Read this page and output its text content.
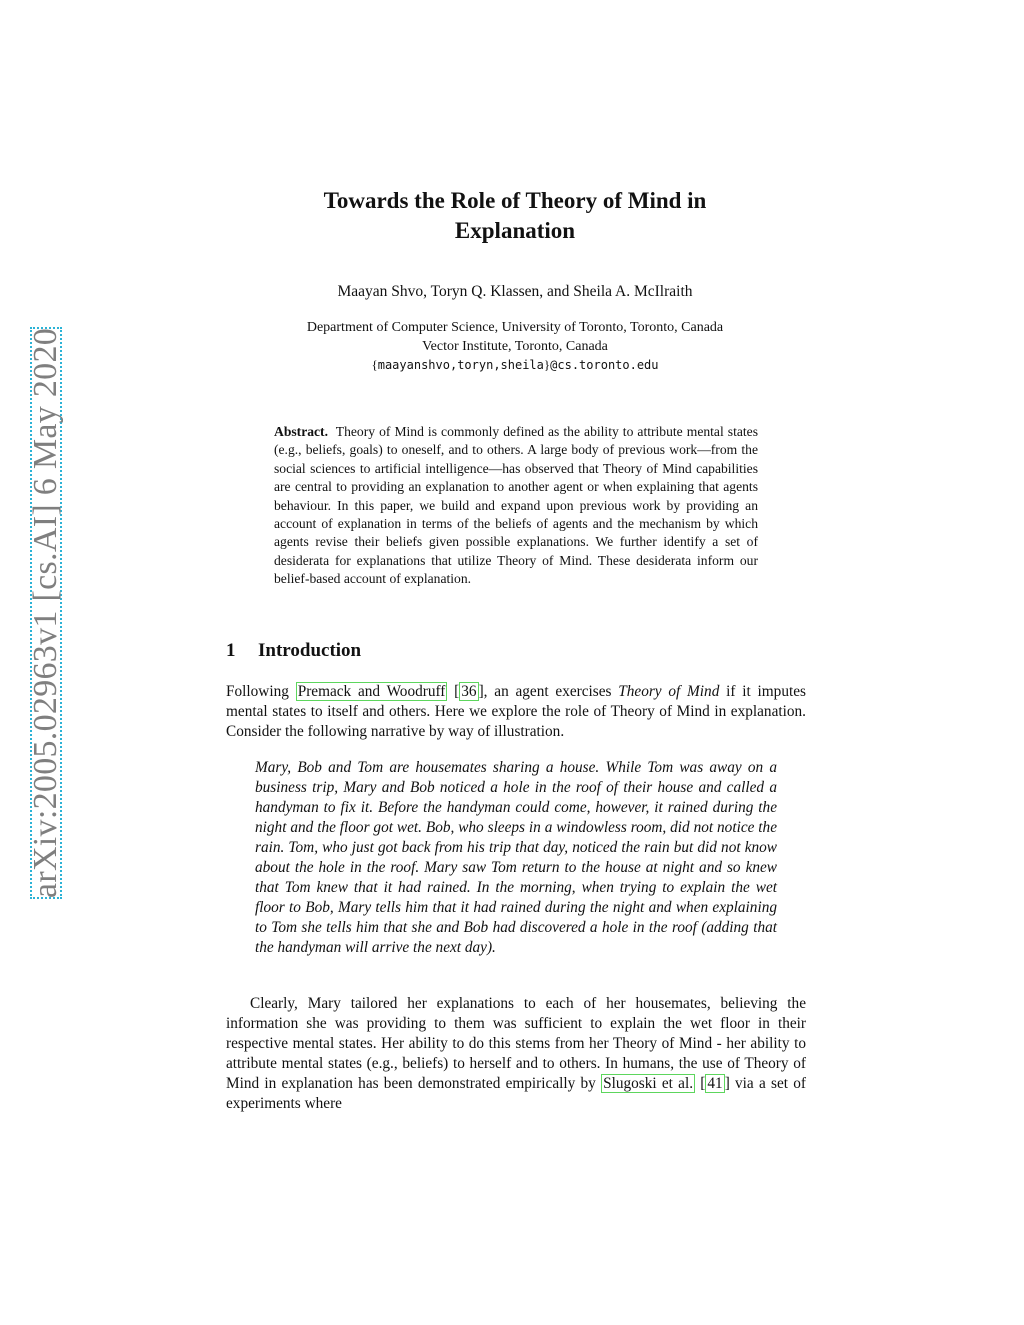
arXiv:2005.02963v1 [cs.AI] 6 May 2020
Towards the Role of Theory of Mind in
Explanation
Maayan Shvo, Toryn Q. Klassen, and Sheila A. McIlraith
Department of Computer Science, University of Toronto, Toronto, Canada
Vector Institute, Toronto, Canada
{maayanshvo,toryn,sheila}@cs.toronto.edu
Abstract. Theory of Mind is commonly defined as the ability to attribute mental states (e.g., beliefs, goals) to oneself, and to others. A large body of previous work—from the social sciences to artificial intelligence—has observed that Theory of Mind capabilities are central to providing an explanation to another agent or when explaining that agents behaviour. In this paper, we build and expand upon previous work by providing an account of explanation in terms of the beliefs of agents and the mechanism by which agents revise their beliefs given possible explanations. We further identify a set of desiderata for explanations that utilize Theory of Mind. These desiderata inform our belief-based account of explanation.
1 Introduction
Following Premack and Woodruff [ 36 ], an agent exercises Theory of Mind if it imputes mental states to itself and others. Here we explore the role of Theory of Mind in explanation. Consider the following narrative by way of illustration.
Mary, Bob and Tom are housemates sharing a house. While Tom was away on a business trip, Mary and Bob noticed a hole in the roof of their house and called a handyman to fix it. Before the handyman could come, however, it rained during the night and the floor got wet. Bob, who sleeps in a windowless room, did not notice the rain. Tom, who just got back from his trip that day, noticed the rain but did not know about the hole in the roof. Mary saw Tom return to the house at night and so knew that Tom knew that it had rained. In the morning, when trying to explain the wet floor to Bob, Mary tells him that it had rained during the night and when explaining to Tom she tells him that she and Bob had discovered a hole in the roof (adding that the handyman will arrive the next day).
Clearly, Mary tailored her explanations to each of her housemates, believing the information she was providing to them was sufficient to explain the wet floor in their respective mental states. Her ability to do this stems from her Theory of Mind - her ability to attribute mental states (e.g., beliefs) to herself and to others. In humans, the use of Theory of Mind in explanation has been demonstrated empirically by Slugoski et al. [ 41 ] via a set of experiments where
